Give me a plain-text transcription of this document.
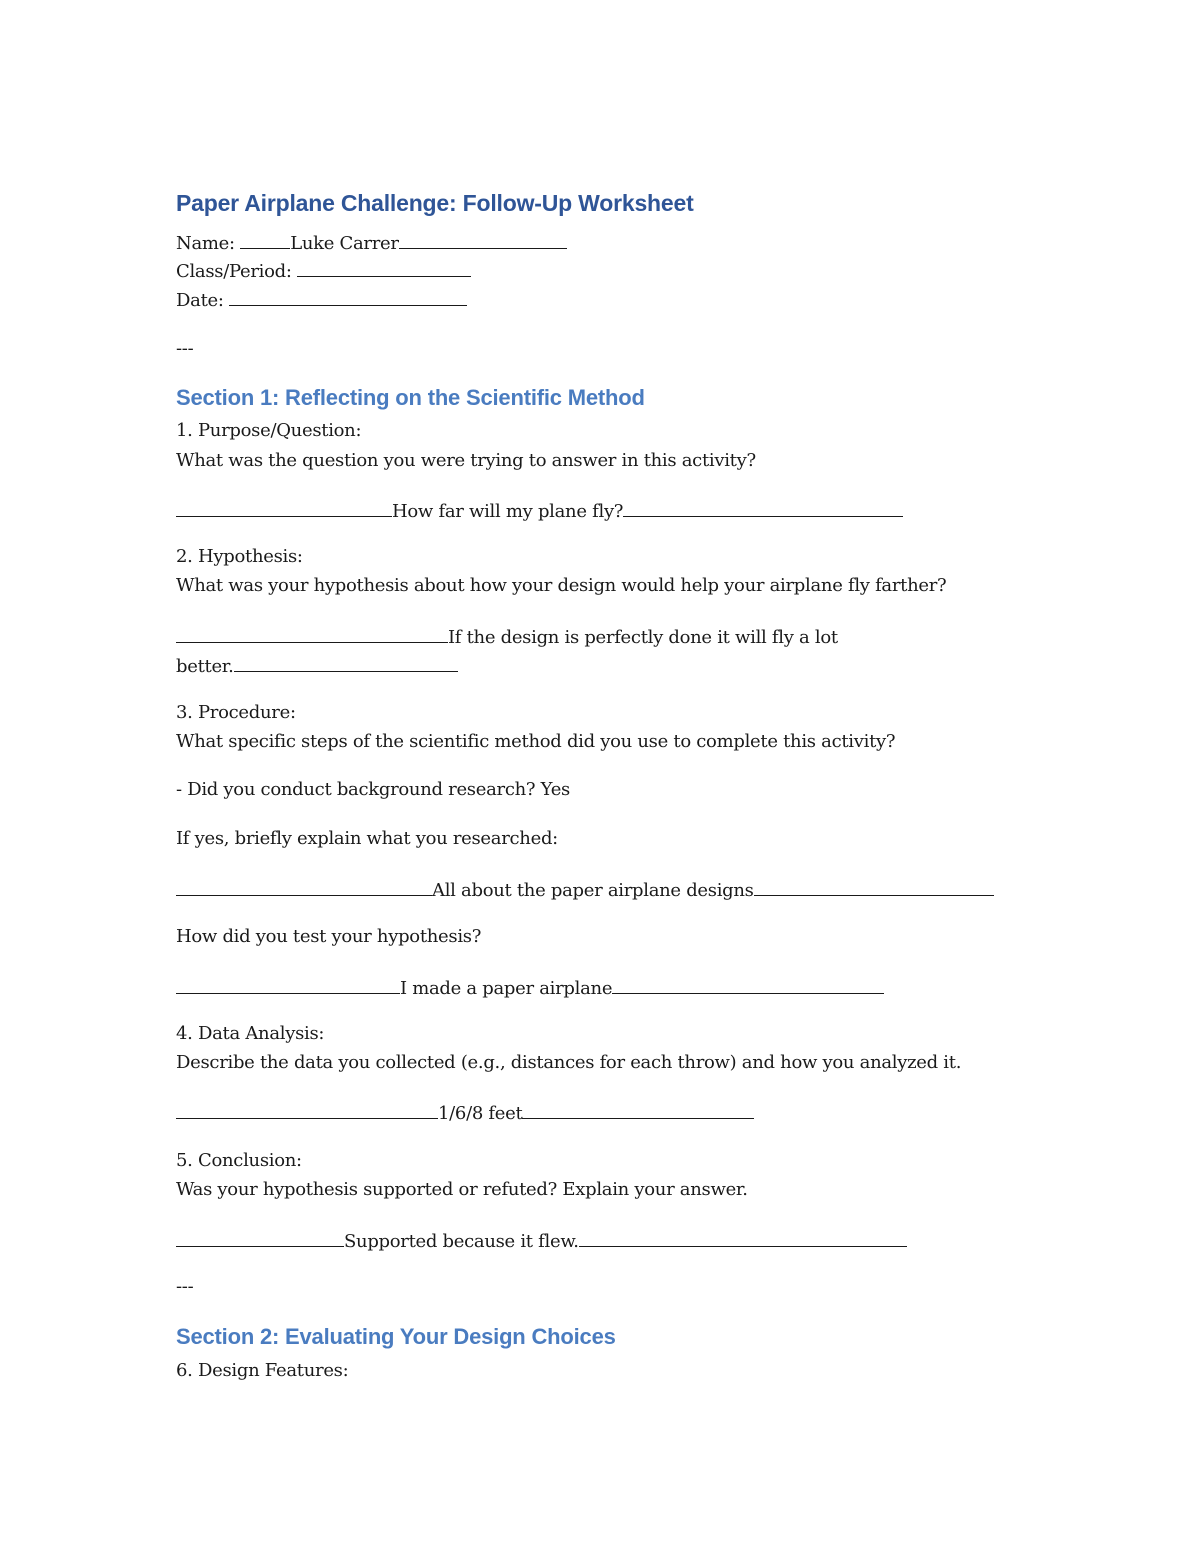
Paper Airplane Challenge: Follow-Up Worksheet
Name:	Luke Carrer
Class/Period:
Date:
---
Section 1: Reflecting on the Scientific Method
1. Purpose/Question:
What was the question you were trying to answer in this activity?
How far will my plane fly?
2. Hypothesis:
What was your hypothesis about how your design would help your airplane fly farther?
If the design is perfectly done it will fly a lot
better.
3. Procedure:
What specific steps of the scientific method did you use to complete this activity?
- Did you conduct background research? Yes
If yes, briefly explain what you researched:
All about the paper airplane designs
How did you test your hypothesis?
I made a paper airplane
4. Data Analysis:
Describe the data you collected (e.g., distances for each throw) and how you analyzed it.
1/6/8 feet
5. Conclusion:
Was your hypothesis supported or refuted? Explain your answer.
Supported because it flew.
---
Section 2: Evaluating Your Design Choices
6. Design Features:
